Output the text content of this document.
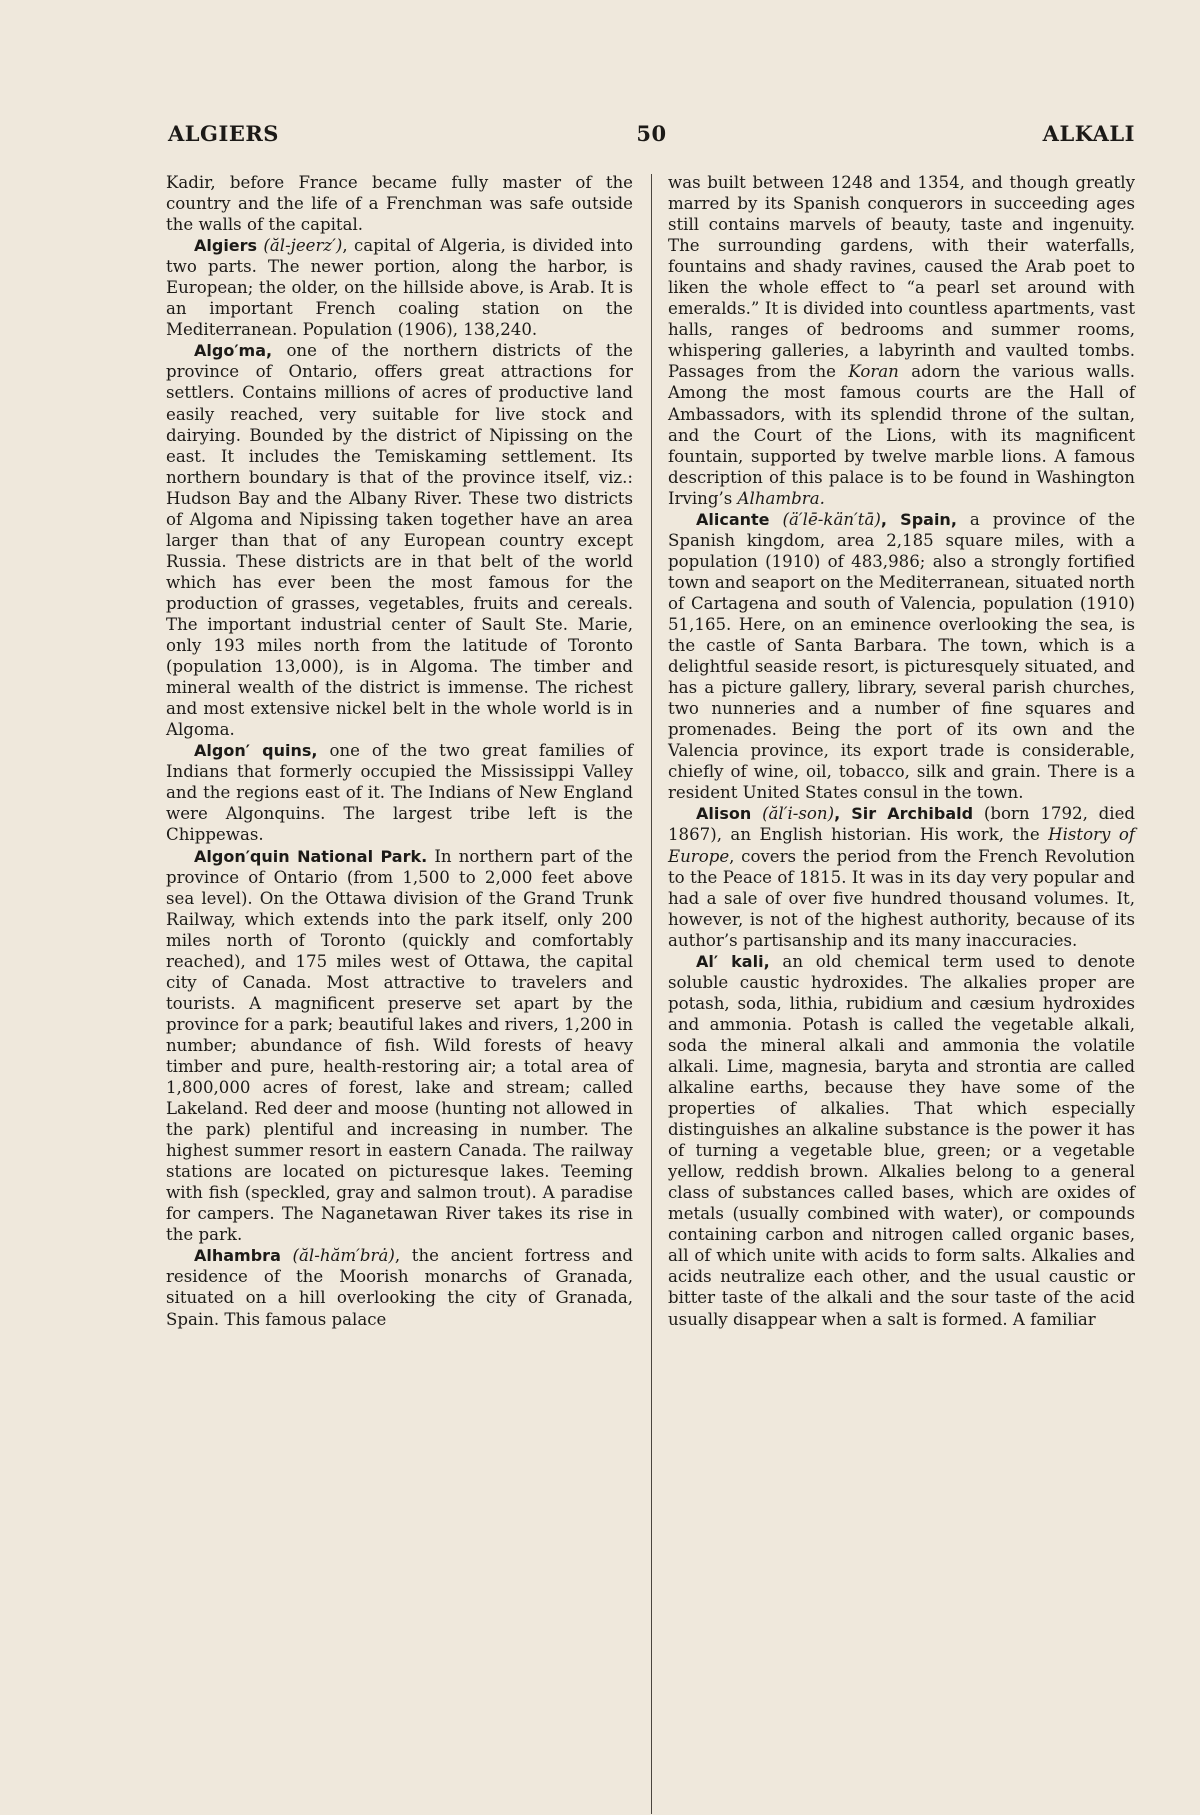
ALGIERS	50	ALKALI

Kadir, before France became fully master of the country and the life of a Frenchman was safe outside the walls of the capital.

Algiers (ăl-jeerz′), capital of Algeria, is divided into two parts. The newer portion, along the harbor, is European; the older, on the hillside above, is Arab. It is an important French coaling station on the Mediterranean. Population (1906), 138,240.

Algo′ma, one of the northern districts of the province of Ontario, offers great attractions for settlers. Contains millions of acres of productive land easily reached, very suitable for live stock and dairying. Bounded by the district of Nipissing on the east. It includes the Temiskaming settlement. Its northern boundary is that of the province itself, viz.: Hudson Bay and the Albany River. These two districts of Algoma and Nipissing taken together have an area larger than that of any European country except Russia. These districts are in that belt of the world which has ever been the most famous for the production of grasses, vegetables, fruits and cereals. The important industrial center of Sault Ste. Marie, only 193 miles north from the latitude of Toronto (population 13,000), is in Algoma. The timber and mineral wealth of the district is immense. The richest and most extensive nickel belt in the whole world is in Algoma.

Algon′ quins, one of the two great families of Indians that formerly occupied the Mississippi Valley and the regions east of it. The Indians of New England were Algonquins. The largest tribe left is the Chippewas.

Algon′quin National Park. In northern part of the province of Ontario (from 1,500 to 2,000 feet above sea level). On the Ottawa division of the Grand Trunk Railway, which extends into the park itself, only 200 miles north of Toronto (quickly and comfortably reached), and 175 miles west of Ottawa, the capital city of Canada. Most attractive to travelers and tourists. A magnificent preserve set apart by the province for a park; beautiful lakes and rivers, 1,200 in number; abundance of fish. Wild forests of heavy timber and pure, health-restoring air; a total area of 1,800,000 acres of forest, lake and stream; called Lakeland. Red deer and moose (hunting not allowed in the park) plentiful and increasing in number. The highest summer resort in eastern Canada. The railway stations are located on picturesque lakes. Teeming with fish (speckled, gray and salmon trout). A paradise for campers. The Naganetawan River takes its rise in the park.

Alhambra (ăl-hăm′brȧ), the ancient fortress and residence of the Moorish monarchs of Granada, situated on a hill overlooking the city of Granada, Spain. This famous palace

was built between 1248 and 1354, and though greatly marred by its Spanish conquerors in succeeding ages still contains marvels of beauty, taste and ingenuity. The surrounding gardens, with their waterfalls, fountains and shady ravines, caused the Arab poet to liken the whole effect to “a pearl set around with emeralds.” It is divided into countless apartments, vast halls, ranges of bedrooms and summer rooms, whispering galleries, a labyrinth and vaulted tombs. Passages from the Koran adorn the various walls. Among the most famous courts are the Hall of Ambassadors, with its splendid throne of the sultan, and the Court of the Lions, with its magnificent fountain, supported by twelve marble lions. A famous description of this palace is to be found in Washington Irving’s Alhambra.

Alicante (ä′lē-kän′tā), Spain, a province of the Spanish kingdom, area 2,185 square miles, with a population (1910) of 483,986; also a strongly fortified town and seaport on the Mediterranean, situated north of Cartagena and south of Valencia, population (1910) 51,165. Here, on an eminence overlooking the sea, is the castle of Santa Barbara. The town, which is a delightful seaside resort, is picturesquely situated, and has a picture gallery, library, several parish churches, two nunneries and a number of fine squares and promenades. Being the port of its own and the Valencia province, its export trade is considerable, chiefly of wine, oil, tobacco, silk and grain. There is a resident United States consul in the town.

Alison (ăl′i-son), Sir Archibald (born 1792, died 1867), an English historian. His work, the History of Europe, covers the period from the French Revolution to the Peace of 1815. It was in its day very popular and had a sale of over five hundred thousand volumes. It, however, is not of the highest authority, because of its author’s partisanship and its many inaccuracies.

Al′ kali, an old chemical term used to denote soluble caustic hydroxides. The alkalies proper are potash, soda, lithia, rubidium and cæsium hydroxides and ammonia. Potash is called the vegetable alkali, soda the mineral alkali and ammonia the volatile alkali. Lime, magnesia, baryta and strontia are called alkaline earths, because they have some of the properties of alkalies. That which especially distinguishes an alkaline substance is the power it has of turning a vegetable blue, green; or a vegetable yellow, reddish brown. Alkalies belong to a general class of substances called bases, which are oxides of metals (usually combined with water), or compounds containing carbon and nitrogen called organic bases, all of which unite with acids to form salts. Alkalies and acids neutralize each other, and the usual caustic or bitter taste of the alkali and the sour taste of the acid usually disappear when a salt is formed. A familiar
